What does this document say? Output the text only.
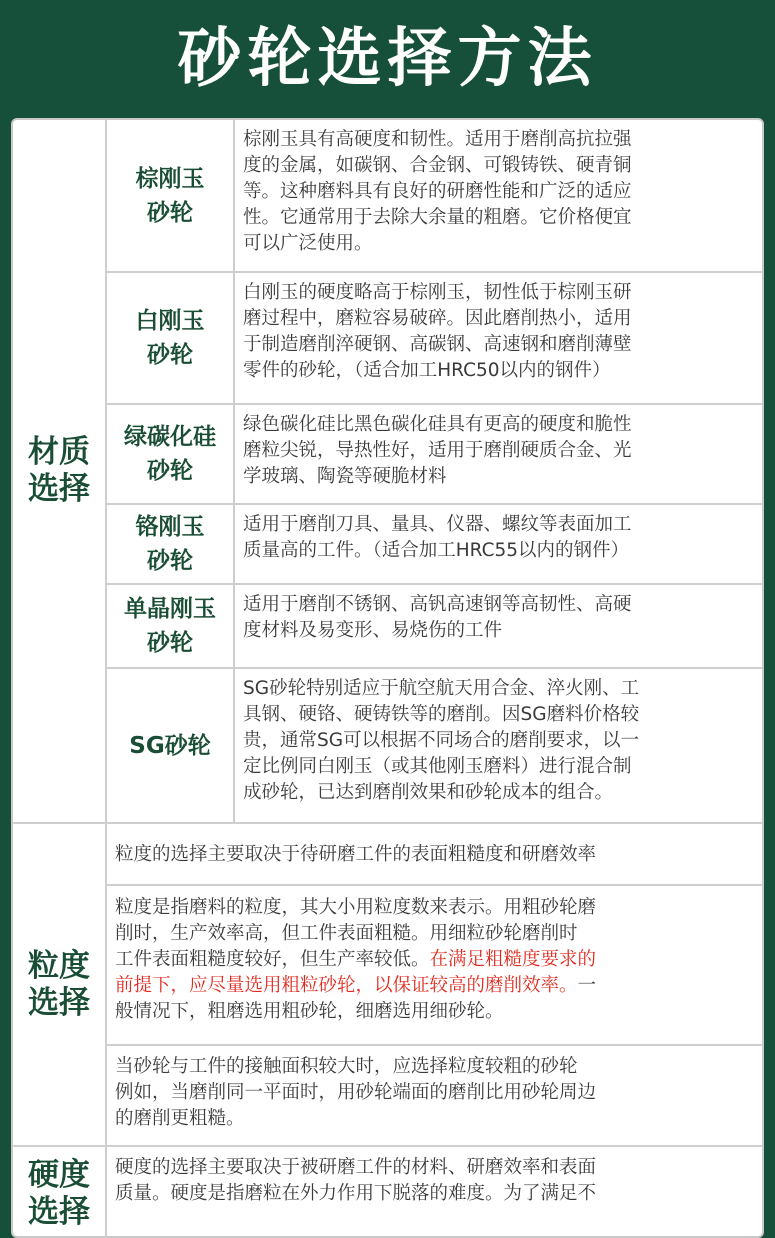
砂轮选择方法
材质
选择
棕刚玉
砂轮
棕刚玉具有高硬度和韧性。适用于磨削高抗拉强
度的金属，如碳钢、合金钢、可锻铸铁、硬青铜
等。这种磨料具有良好的研磨性能和广泛的适应
性。它通常用于去除大余量的粗磨。它价格便宜
可以广泛使用。
白刚玉
砂轮
白刚玉的硬度略高于棕刚玉，韧性低于棕刚玉研
磨过程中，磨粒容易破碎。因此磨削热小，适用
于制造磨削淬硬钢、高碳钢、高速钢和磨削薄壁
零件的砂轮，（适合加工HRC50以内的钢件）
绿碳化硅
砂轮
绿色碳化硅比黑色碳化硅具有更高的硬度和脆性
磨粒尖锐，导热性好，适用于磨削硬质合金、光
学玻璃、陶瓷等硬脆材料
铬刚玉
砂轮
适用于磨削刀具、量具、仪器、螺纹等表面加工
质量高的工件。（适合加工HRC55以内的钢件）
单晶刚玉
砂轮
适用于磨削不锈钢、高钒高速钢等高韧性、高硬
度材料及易变形、易烧伤的工件
SG砂轮
SG砂轮特别适应于航空航天用合金、淬火刚、工
具钢、硬铬、硬铸铁等的磨削。因SG磨料价格较
贵，通常SG可以根据不同场合的磨削要求，以一
定比例同白刚玉（或其他刚玉磨料）进行混合制
成砂轮，已达到磨削效果和砂轮成本的组合。
粒度
选择
粒度的选择主要取决于待研磨工件的表面粗糙度和研磨效率
粒度是指磨料的粒度，其大小用粒度数来表示。用粗砂轮磨
削时，生产效率高，但工件表面粗糙。用细粒砂轮磨削时
工件表面粗糙度较好，但生产率较低。在满足粗糙度要求的
前提下，应尽量选用粗粒砂轮，以保证较高的磨削效率。一
般情况下，粗磨选用粗砂轮，细磨选用细砂轮。
当砂轮与工件的接触面积较大时，应选择粒度较粗的砂轮
例如，当磨削同一平面时，用砂轮端面的磨削比用砂轮周边
的磨削更粗糙。
硬度
选择
硬度的选择主要取决于被研磨工件的材料、研磨效率和表面
质量。硬度是指磨粒在外力作用下脱落的难度。为了满足不
